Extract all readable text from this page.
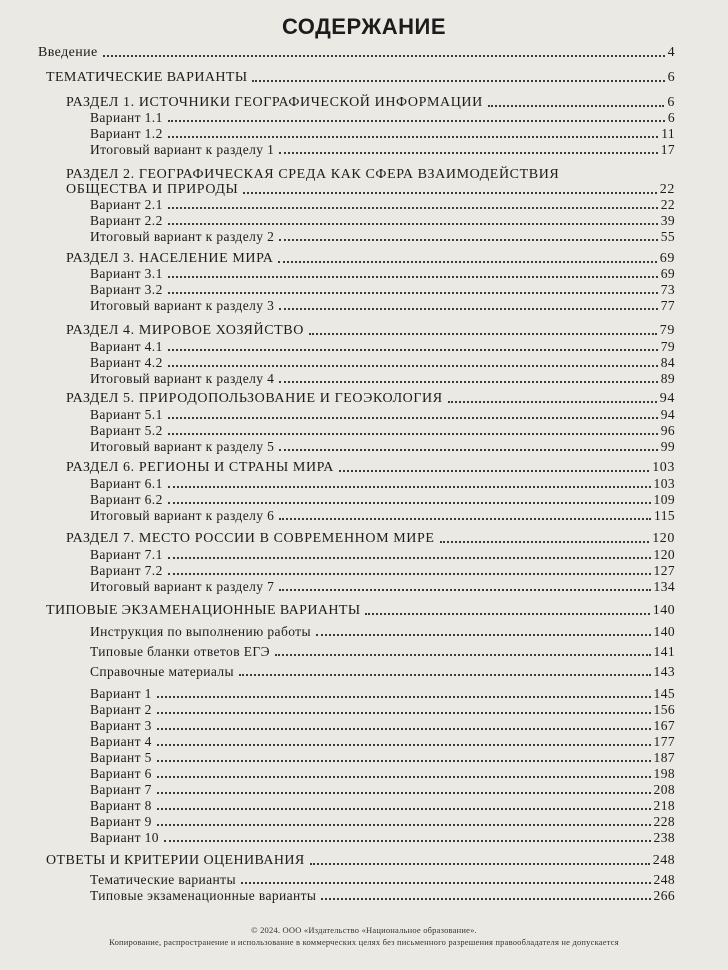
СОДЕРЖАНИЕ
Введение	4
ТЕМАТИЧЕСКИЕ ВАРИАНТЫ	6
РАЗДЕЛ 1. ИСТОЧНИКИ ГЕОГРАФИЧЕСКОЙ ИНФОРМАЦИИ	6
Вариант 1.1	6
Вариант 1.2	11
Итоговый вариант к разделу 1	17
РАЗДЕЛ 2. ГЕОГРАФИЧЕСКАЯ СРЕДА КАК СФЕРА ВЗАИМОДЕЙСТВИЯ
ОБЩЕСТВА И ПРИРОДЫ	22
Вариант 2.1	22
Вариант 2.2	39
Итоговый вариант к разделу 2	55
РАЗДЕЛ 3. НАСЕЛЕНИЕ МИРА	69
Вариант 3.1	69
Вариант 3.2	73
Итоговый вариант к разделу 3	77
РАЗДЕЛ 4. МИРОВОЕ ХОЗЯЙСТВО	79
Вариант 4.1	79
Вариант 4.2	84
Итоговый вариант к разделу 4	89
РАЗДЕЛ 5. ПРИРОДОПОЛЬЗОВАНИЕ И ГЕОЭКОЛОГИЯ	94
Вариант 5.1	94
Вариант 5.2	96
Итоговый вариант к разделу 5	99
РАЗДЕЛ 6. РЕГИОНЫ И СТРАНЫ МИРА	103
Вариант 6.1	103
Вариант 6.2	109
Итоговый вариант к разделу 6	115
РАЗДЕЛ 7. МЕСТО РОССИИ В СОВРЕМЕННОМ МИРЕ	120
Вариант 7.1	120
Вариант 7.2	127
Итоговый вариант к разделу 7	134
ТИПОВЫЕ ЭКЗАМЕНАЦИОННЫЕ ВАРИАНТЫ	140
Инструкция по выполнению работы	140
Типовые бланки ответов ЕГЭ	141
Справочные материалы	143
Вариант 1	145
Вариант 2	156
Вариант 3	167
Вариант 4	177
Вариант 5	187
Вариант 6	198
Вариант 7	208
Вариант 8	218
Вариант 9	228
Вариант 10	238
ОТВЕТЫ И КРИТЕРИИ ОЦЕНИВАНИЯ	248
Тематические варианты	248
Типовые экзаменационные варианты	266
© 2024. ООО «Издательство «Национальное образование».
Копирование, распространение и использование в коммерческих целях без письменного разрешения правообладателя не допускается
